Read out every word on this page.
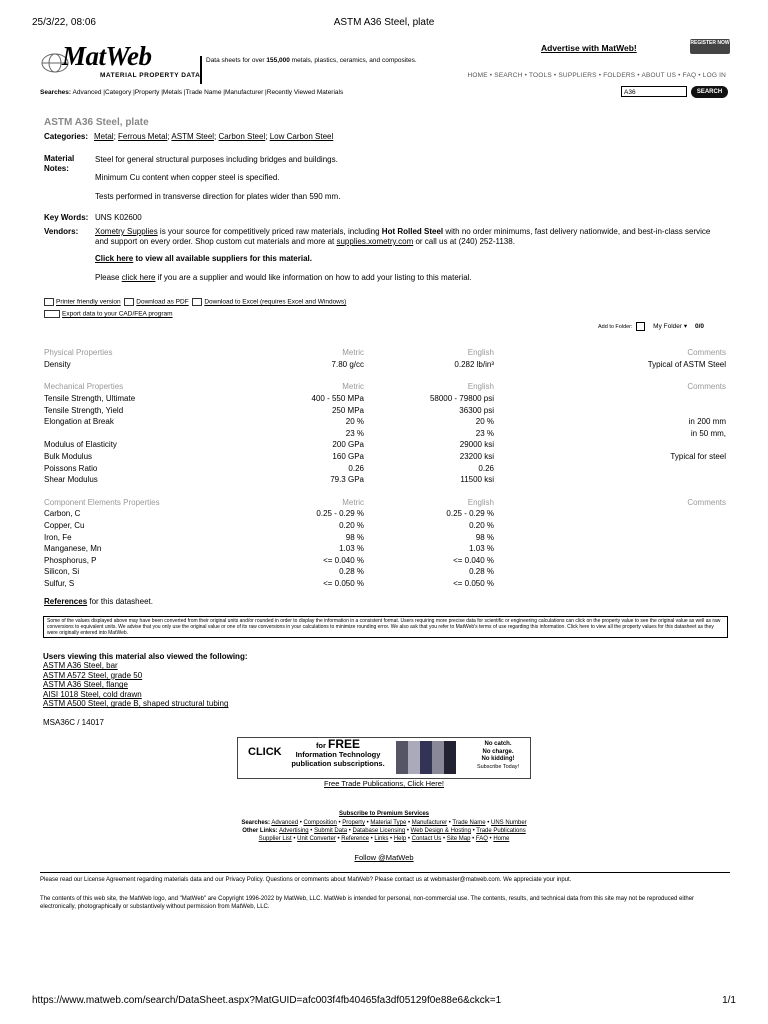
25/3/22, 08:06	ASTM A36 Steel, plate
MatWeb
MATERIAL PROPERTY DATA
Data sheets for over 155,000 metals, plastics, ceramics, and composites.
Advertise with MatWeb!	REGISTER NOW
HOME • SEARCH • TOOLS • SUPPLIERS • FOLDERS • ABOUT US • FAQ • LOG IN
Searches: Advanced |Category |Property |Metals |Trade Name |Manufacturer |Recently Viewed Materials	A36	SEARCH
ASTM A36 Steel, plate
Categories: Metal; Ferrous Metal; ASTM Steel; Carbon Steel; Low Carbon Steel
Material Notes:
Steel for general structural purposes including bridges and buildings.
Minimum Cu content when copper steel is specified.
Tests performed in transverse direction for plates wider than 590 mm.
Key Words: UNS K02600
Vendors: Xometry Supplies is your source for competitively priced raw materials, including Hot Rolled Steel with no order minimums, fast delivery nationwide, and best-in-class service and support on every order. Shop custom cut materials and more at supplies.xometry.com or call us at (240) 252-1138.
Click here to view all available suppliers for this material.
Please click here if you are a supplier and would like information on how to add your listing to this material.
Printer friendly version Download as PDF Download to Excel (requires Excel and Windows)
Export data to your CAD/FEA program
Add to Folder:	My Folder ▾ 0/0
Physical Properties	Metric	English	Comments
Density	7.80 g/cc	0.282 lb/in³	Typical of ASTM Steel

Mechanical Properties	Metric	English	Comments
Tensile Strength, Ultimate	400 - 550 MPa	58000 - 79800 psi	
Tensile Strength, Yield	250 MPa	36300 psi	
Elongation at Break	20 %	20 %	in 200 mm
	23 %	23 %	in 50 mm,
Modulus of Elasticity	200 GPa	29000 ksi	
Bulk Modulus	160 GPa	23200 ksi	Typical for steel
Poissons Ratio	0.26	0.26	
Shear Modulus	79.3 GPa	11500 ksi	

Component Elements Properties	Metric	English	Comments
Carbon, C	0.25 - 0.29 %	0.25 - 0.29 %	
Copper, Cu	0.20 %	0.20 %	
Iron, Fe	98 %	98 %	
Manganese, Mn	1.03 %	1.03 %	
Phosphorus, P	<= 0.040 %	<= 0.040 %	
Silicon, Si	0.28 %	0.28 %	
Sulfur, S	<= 0.050 %	<= 0.050 %	
References for this datasheet.
Some of the values displayed above may have been converted from their original units and/or rounded in order to display the information in a consistent format. Users requiring more precise data for scientific or engineering calculations can click on the property value to see the original value as well as raw conversions to equivalent units. We advise that you only use the original value or one of its raw conversions in your calculations to minimize rounding error. We also ask that you refer to MatWeb's terms of use regarding this information. Click here to view all the property values for this datasheet as they were originally entered into MatWeb.
Users viewing this material also viewed the following:
ASTM A36 Steel, bar
ASTM A572 Steel, grade 50
ASTM A36 Steel, flange
AISI 1018 Steel, cold drawn
ASTM A500 Steel, grade B, shaped structural tubing
MSA36C / 14017
CLICK
for FREE
Information Technology
publication subscriptions.
No catch.
No charge.
No kidding!
Subscribe Today!
Free Trade Publications, Click Here!
Subscribe to Premium Services
Searches: Advanced • Composition • Property • Material Type • Manufacturer • Trade Name • UNS Number
Other Links: Advertising • Submit Data • Database Licensing • Web Design & Hosting • Trade Publications
Supplier List • Unit Converter • Reference • Links • Help • Contact Us • Site Map • FAQ • Home
Follow @MatWeb
Please read our License Agreement regarding materials data and our Privacy Policy. Questions or comments about MatWeb? Please contact us at webmaster@matweb.com. We appreciate your input.
The contents of this web site, the MatWeb logo, and "MatWeb" are Copyright 1996-2022 by MatWeb, LLC. MatWeb is intended for personal, non-commercial use. The contents, results, and technical data from this site may not be reproduced either electronically, photographically or substantively without permission from MatWeb, LLC.
https://www.matweb.com/search/DataSheet.aspx?MatGUID=afc003f4fb40465fa3df05129f0e88e6&ckck=1	1/1
